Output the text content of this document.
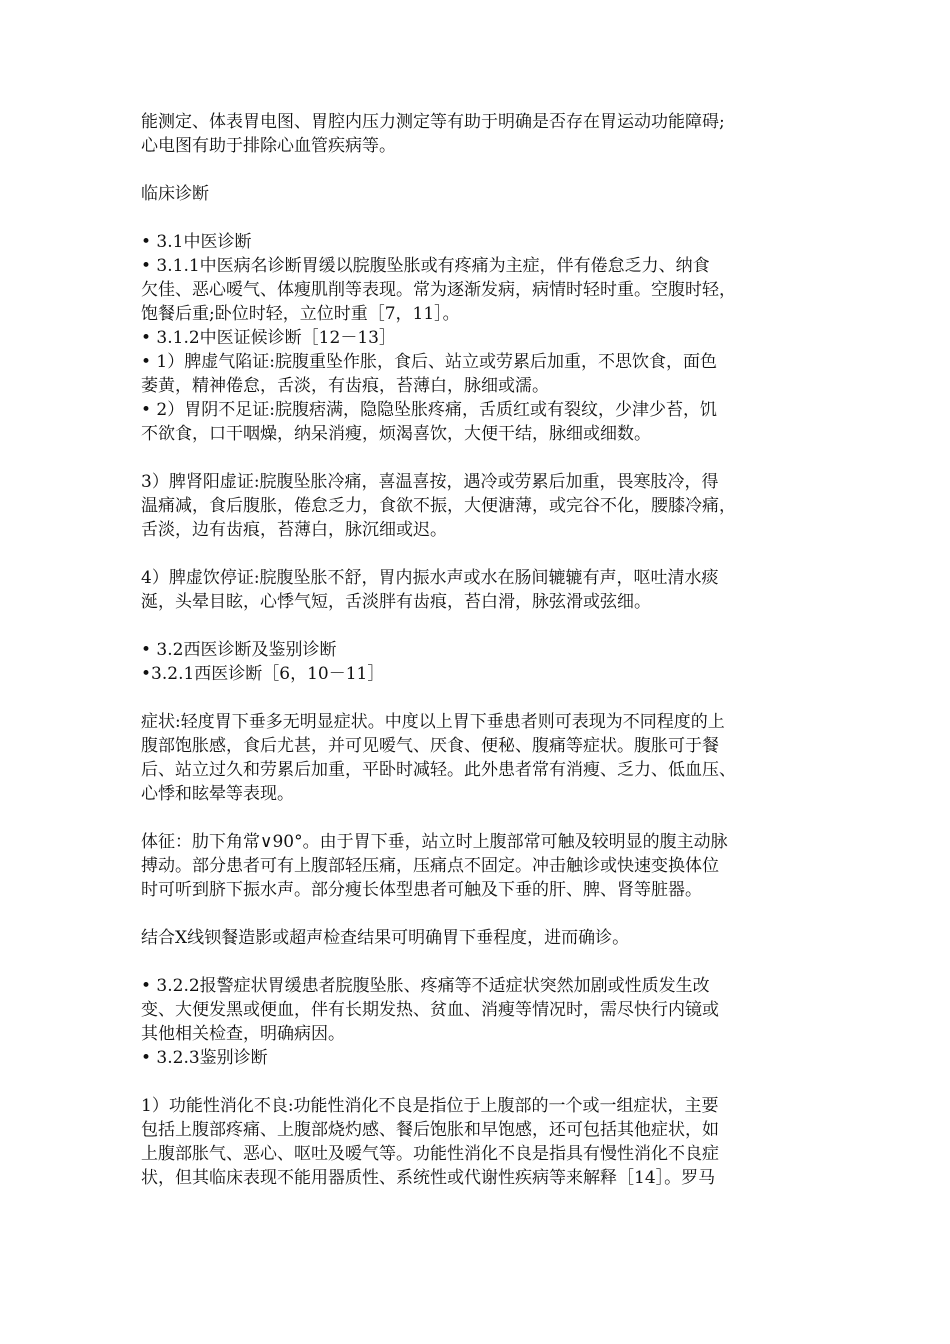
能测定、体表胃电图、胃腔内压力测定等有助于明确是否存在胃运动功能障碍;
心电图有助于排除心血管疾病等。

临床诊断

• 3.1中医诊断
• 3.1.1中医病名诊断胃缓以脘腹坠胀或有疼痛为主症，伴有倦怠乏力、纳食
欠佳、恶心嗳气、体瘦肌削等表现。常为逐渐发病，病情时轻时重。空腹时轻，
饱餐后重;卧位时轻，立位时重［7，11］。
• 3.1.2中医证候诊断［12－13］
• 1）脾虚气陷证:脘腹重坠作胀，食后、站立或劳累后加重，不思饮食，面色
萎黄，精神倦怠，舌淡，有齿痕，苔薄白，脉细或濡。
• 2）胃阴不足证:脘腹痞满，隐隐坠胀疼痛，舌质红或有裂纹，少津少苔，饥
不欲食，口干咽燥，纳呆消瘦，烦渴喜饮，大便干结，脉细或细数。

3）脾肾阳虚证:脘腹坠胀冷痛，喜温喜按，遇冷或劳累后加重，畏寒肢冷，得
温痛减，食后腹胀，倦怠乏力，食欲不振，大便溏薄，或完谷不化，腰膝冷痛，
舌淡，边有齿痕，苔薄白，脉沉细或迟。

4）脾虚饮停证:脘腹坠胀不舒，胃内振水声或水在肠间辘辘有声，呕吐清水痰
涎，头晕目眩，心悸气短，舌淡胖有齿痕，苔白滑，脉弦滑或弦细。

• 3.2西医诊断及鉴别诊断
•3.2.1西医诊断［6，10－11］

症状:轻度胃下垂多无明显症状。中度以上胃下垂患者则可表现为不同程度的上
腹部饱胀感，食后尤甚，并可见嗳气、厌食、便秘、腹痛等症状。腹胀可于餐
后、站立过久和劳累后加重，平卧时减轻。此外患者常有消瘦、乏力、低血压、
心悸和眩晕等表现。

体征：肋下角常∨90°。由于胃下垂，站立时上腹部常可触及较明显的腹主动脉
搏动。部分患者可有上腹部轻压痛，压痛点不固定。冲击触诊或快速变换体位
时可听到脐下振水声。部分瘦长体型患者可触及下垂的肝、脾、肾等脏器。

结合X线钡餐造影或超声检查结果可明确胃下垂程度，进而确诊。

• 3.2.2报警症状胃缓患者脘腹坠胀、疼痛等不适症状突然加剧或性质发生改
变、大便发黑或便血，伴有长期发热、贫血、消瘦等情况时，需尽快行内镜或
其他相关检查，明确病因。
• 3.2.3鉴别诊断

1）功能性消化不良:功能性消化不良是指位于上腹部的一个或一组症状，主要
包括上腹部疼痛、上腹部烧灼感、餐后饱胀和早饱感，还可包括其他症状，如
上腹部胀气、恶心、呕吐及嗳气等。功能性消化不良是指具有慢性消化不良症
状，但其临床表现不能用器质性、系统性或代谢性疾病等来解释［14］。罗马
